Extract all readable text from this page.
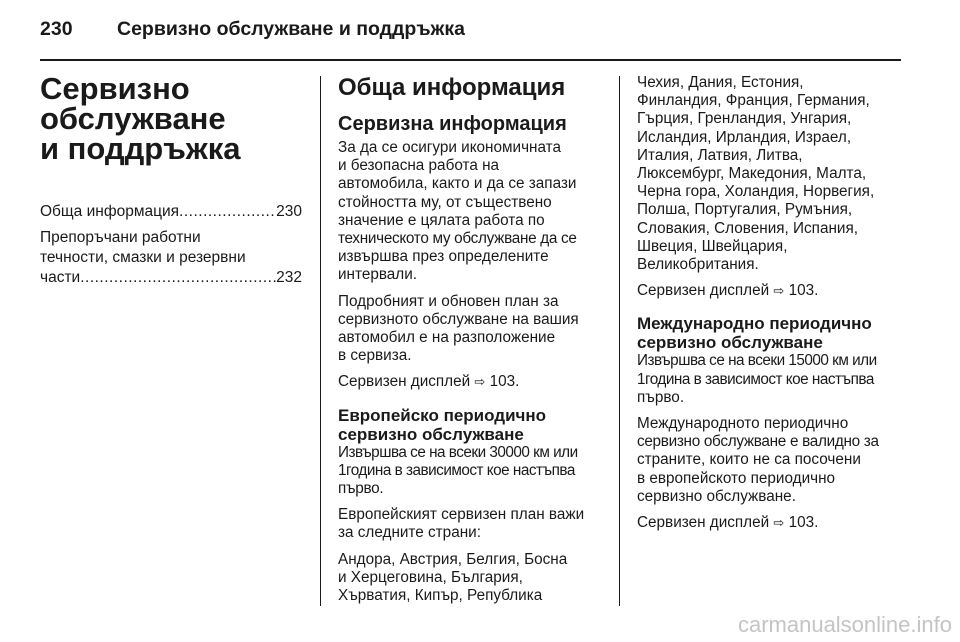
230 Сервизно обслужване и поддръжка
Сервизно
обслужване
и поддръжка
Обща информация .....	230
Препоръчани работни
течности, смазки и резервни
части .....	232
Обща информация
Сервизна информация
За да се осигури икономичната
и безопасна работа на
автомобила, както и да се запази
стойността му, от съществено
значение е цялата работа по
техническото му обслужване да се
извършва през определените
интервали.
Подробният и обновен план за
сервизното обслужване на вашия
автомобил е на разположение
в сервиза.
Сервизен дисплей ⇨ 103.
Европейско периодично
сервизно обслужване
Извършва се на всеки 30000 км или
1година в зависимост кое настъпва
първо.
Европейският сервизен план важи
за следните страни:
Андора, Австрия, Белгия, Босна
и Херцеговина, България,
Хърватия, Кипър, Република
Чехия, Дания, Естония,
Финландия, Франция, Германия,
Гърция, Гренландия, Унгария,
Исландия, Ирландия, Израел,
Италия, Латвия, Литва,
Люксембург, Македония, Малта,
Черна гора, Холандия, Норвегия,
Полша, Португалия, Румъния,
Словакия, Словения, Испания,
Швеция, Швейцария,
Великобритания.
Сервизен дисплей ⇨ 103.
Международно периодично
сервизно обслужване
Извършва се на всеки 15000 км или
1година в зависимост кое настъпва
първо.
Международното периодично
сервизно обслужване е валидно за
страните, които не са посочени
в европейското периодично
сервизно обслужване.
Сервизен дисплей ⇨ 103.
carmanualsonline.info
